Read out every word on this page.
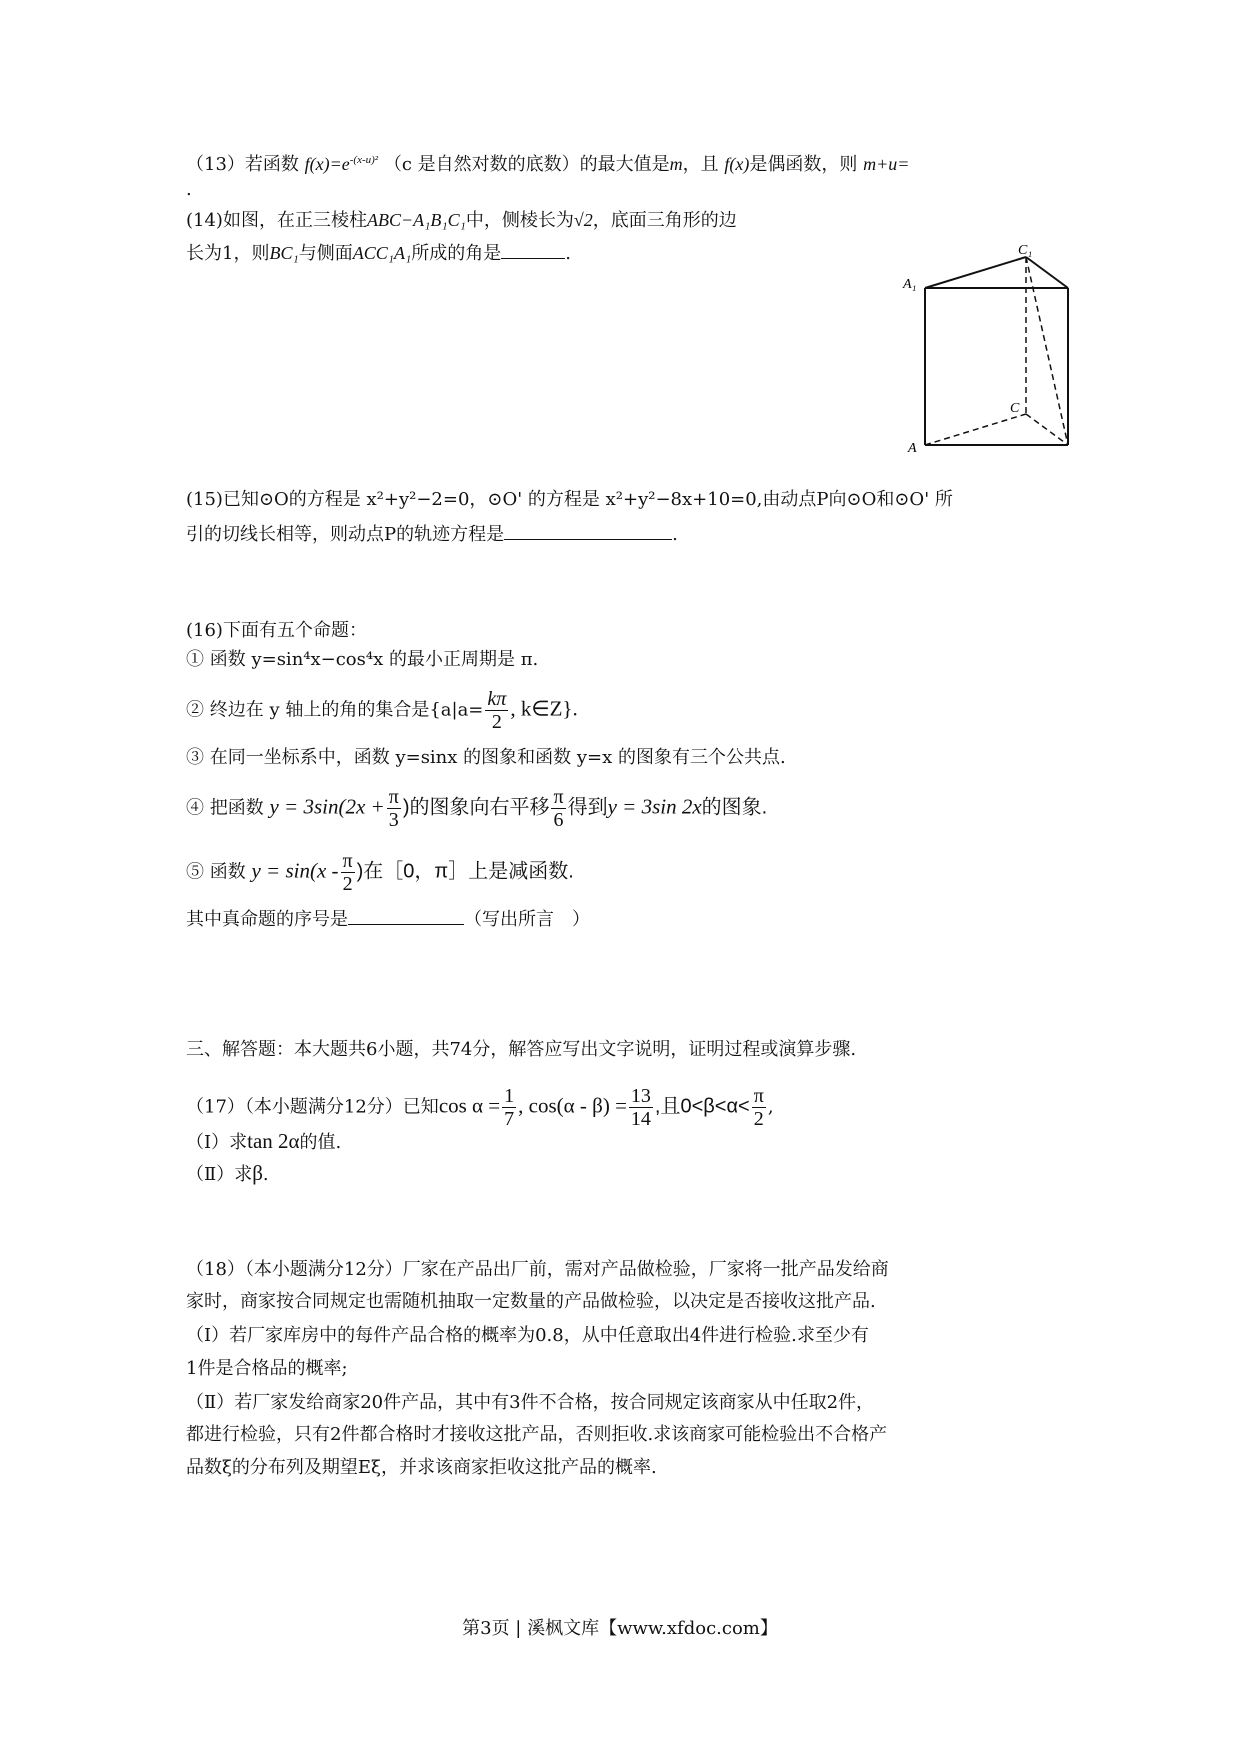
（13）若函数 $f(x)=e^{-(x-u)^2}$ （c 是自然对数的底数）的最大值是m，且 f(x)是偶函数，则 m+u=
.
(14)如图，在正三棱柱ABC−A₁B₁C₁中，侧棱长为√2，底面三角形的边
长为1，则BC₁与侧面ACC₁A₁所成的角是	.	C₁
A₁
C
A
(15)已知⊙O的方程是 x²+y²−2=0，⊙O' 的方程是 x²+y²−8x+10=0,由动点P向⊙O和⊙O' 所
引的切线长相等，则动点P的轨迹方程是	.
(16)下面有五个命题：
① 函数 y=sin⁴x−cos⁴x 的最小正周期是 π.
② 终边在 y 轴上的角的集合是{$a|a= \frac{k\pi}{2}$ , k∈Z}.
③ 在同一坐标系中，函数 y=sinx 的图象和函数 y=x 的图象有三个公共点.
④ 把函数 $y = 3\sin(2x + \frac{\pi}{3}$ )的图象向右平移 $\frac{\pi}{6}$ 得到y = 3sin 2x的图象.
⑤ 函数 $y = \sin(x - \frac{\pi}{2}$ )在［0，π］上是减函数.
其中真命题的序号是	（写出所言　）
三、解答题：本大题共6小题，共74分，解答应写出文字说明，证明过程或演算步骤.
（17）（本小题满分12分）已知$\cos \alpha = \frac{1}{7}$ , $\cos(\alpha - \beta) = \frac{13}{14}$ ,且$0<\beta<\alpha< \frac{\pi}{2}$ ,
（Ⅰ）求tan 2α的值.
（Ⅱ）求β.
（18）（本小题满分12分）厂家在产品出厂前，需对产品做检验，厂家将一批产品发给商
家时，商家按合同规定也需随机抽取一定数量的产品做检验，以决定是否接收这批产品.
（Ⅰ）若厂家库房中的每件产品合格的概率为0.8，从中任意取出4件进行检验.求至少有
1件是合格品的概率;
（Ⅱ）若厂家发给商家20件产品，其中有3件不合格，按合同规定该商家从中任取2件，
都进行检验，只有2件都合格时才接收这批产品，否则拒收.求该商家可能检验出不合格产
品数ξ的分布列及期望Eξ，并求该商家拒收这批产品的概率.
第3页 | 溪枫文库【www.xfdoc.com】
